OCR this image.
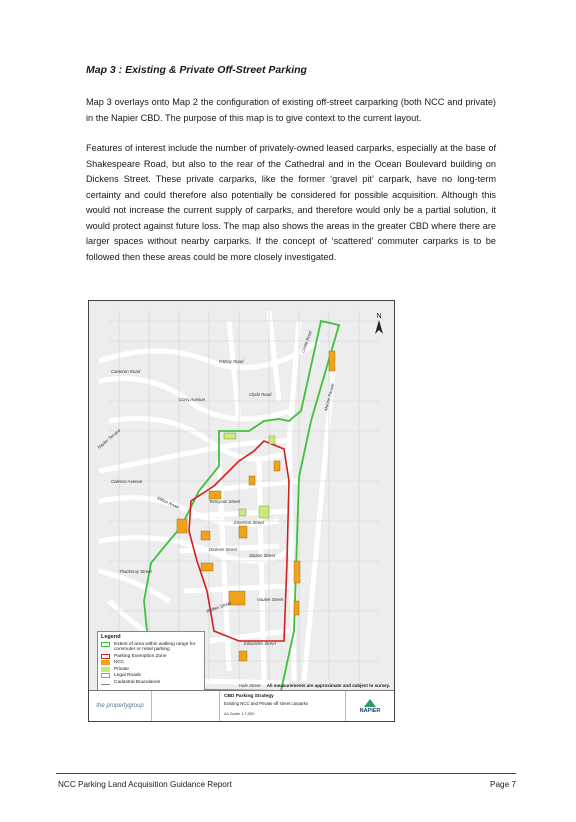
Map 3 : Existing & Private Off-Street Parking
Map 3 overlays onto Map 2 the configuration of existing off-street carparking (both NCC and private) in the Napier CBD. The purpose of this map is to give context to the current layout.
Features of interest include the number of privately-owned leased carparks, especially at the base of Shakespeare Road, but also to the rear of the Cathedral and in the Ocean Boulevard building on Dickens Street. These private carparks, like the former ‘gravel pit’ carpark, have no long-term certainty and could therefore also potentially be considered for possible acquisition. Although this would not increase the current supply of carparks, and therefore would only be a partial solution, it would protect against future loss. The map also shows the areas in the greater CBD where there are larger spaces without nearby carparks. If the concept of ‘scattered’ commuter carparks is to be followed then these areas could be more closely investigated.
Fitzroy Road
Cameron Road
Coote Road
Marine Parade
Clyde Road
Corry Avenue
Napier Terrace
Colenso Avenue
Milton Road	Tennyson Street
Emerson Street
Dickens Street
Station Street
Thackeray Street
Vautier Street
Raffles Street
Edwardes Street
Hale Street
N
Legend
Extent of area within walking range for commuter or retail parking
Parking Exemption Zone
NCC
Private
Legal Roads
Cadastral Boundaries
All measurements are approximate and subject to survey.
the propertygroup
CBD Parking Strategy
Existing NCC and Private off street carparks
A4 Scale 1:7,000	NAPIER
NCC Parking Land Acquisition Guidance Report	Page 7
